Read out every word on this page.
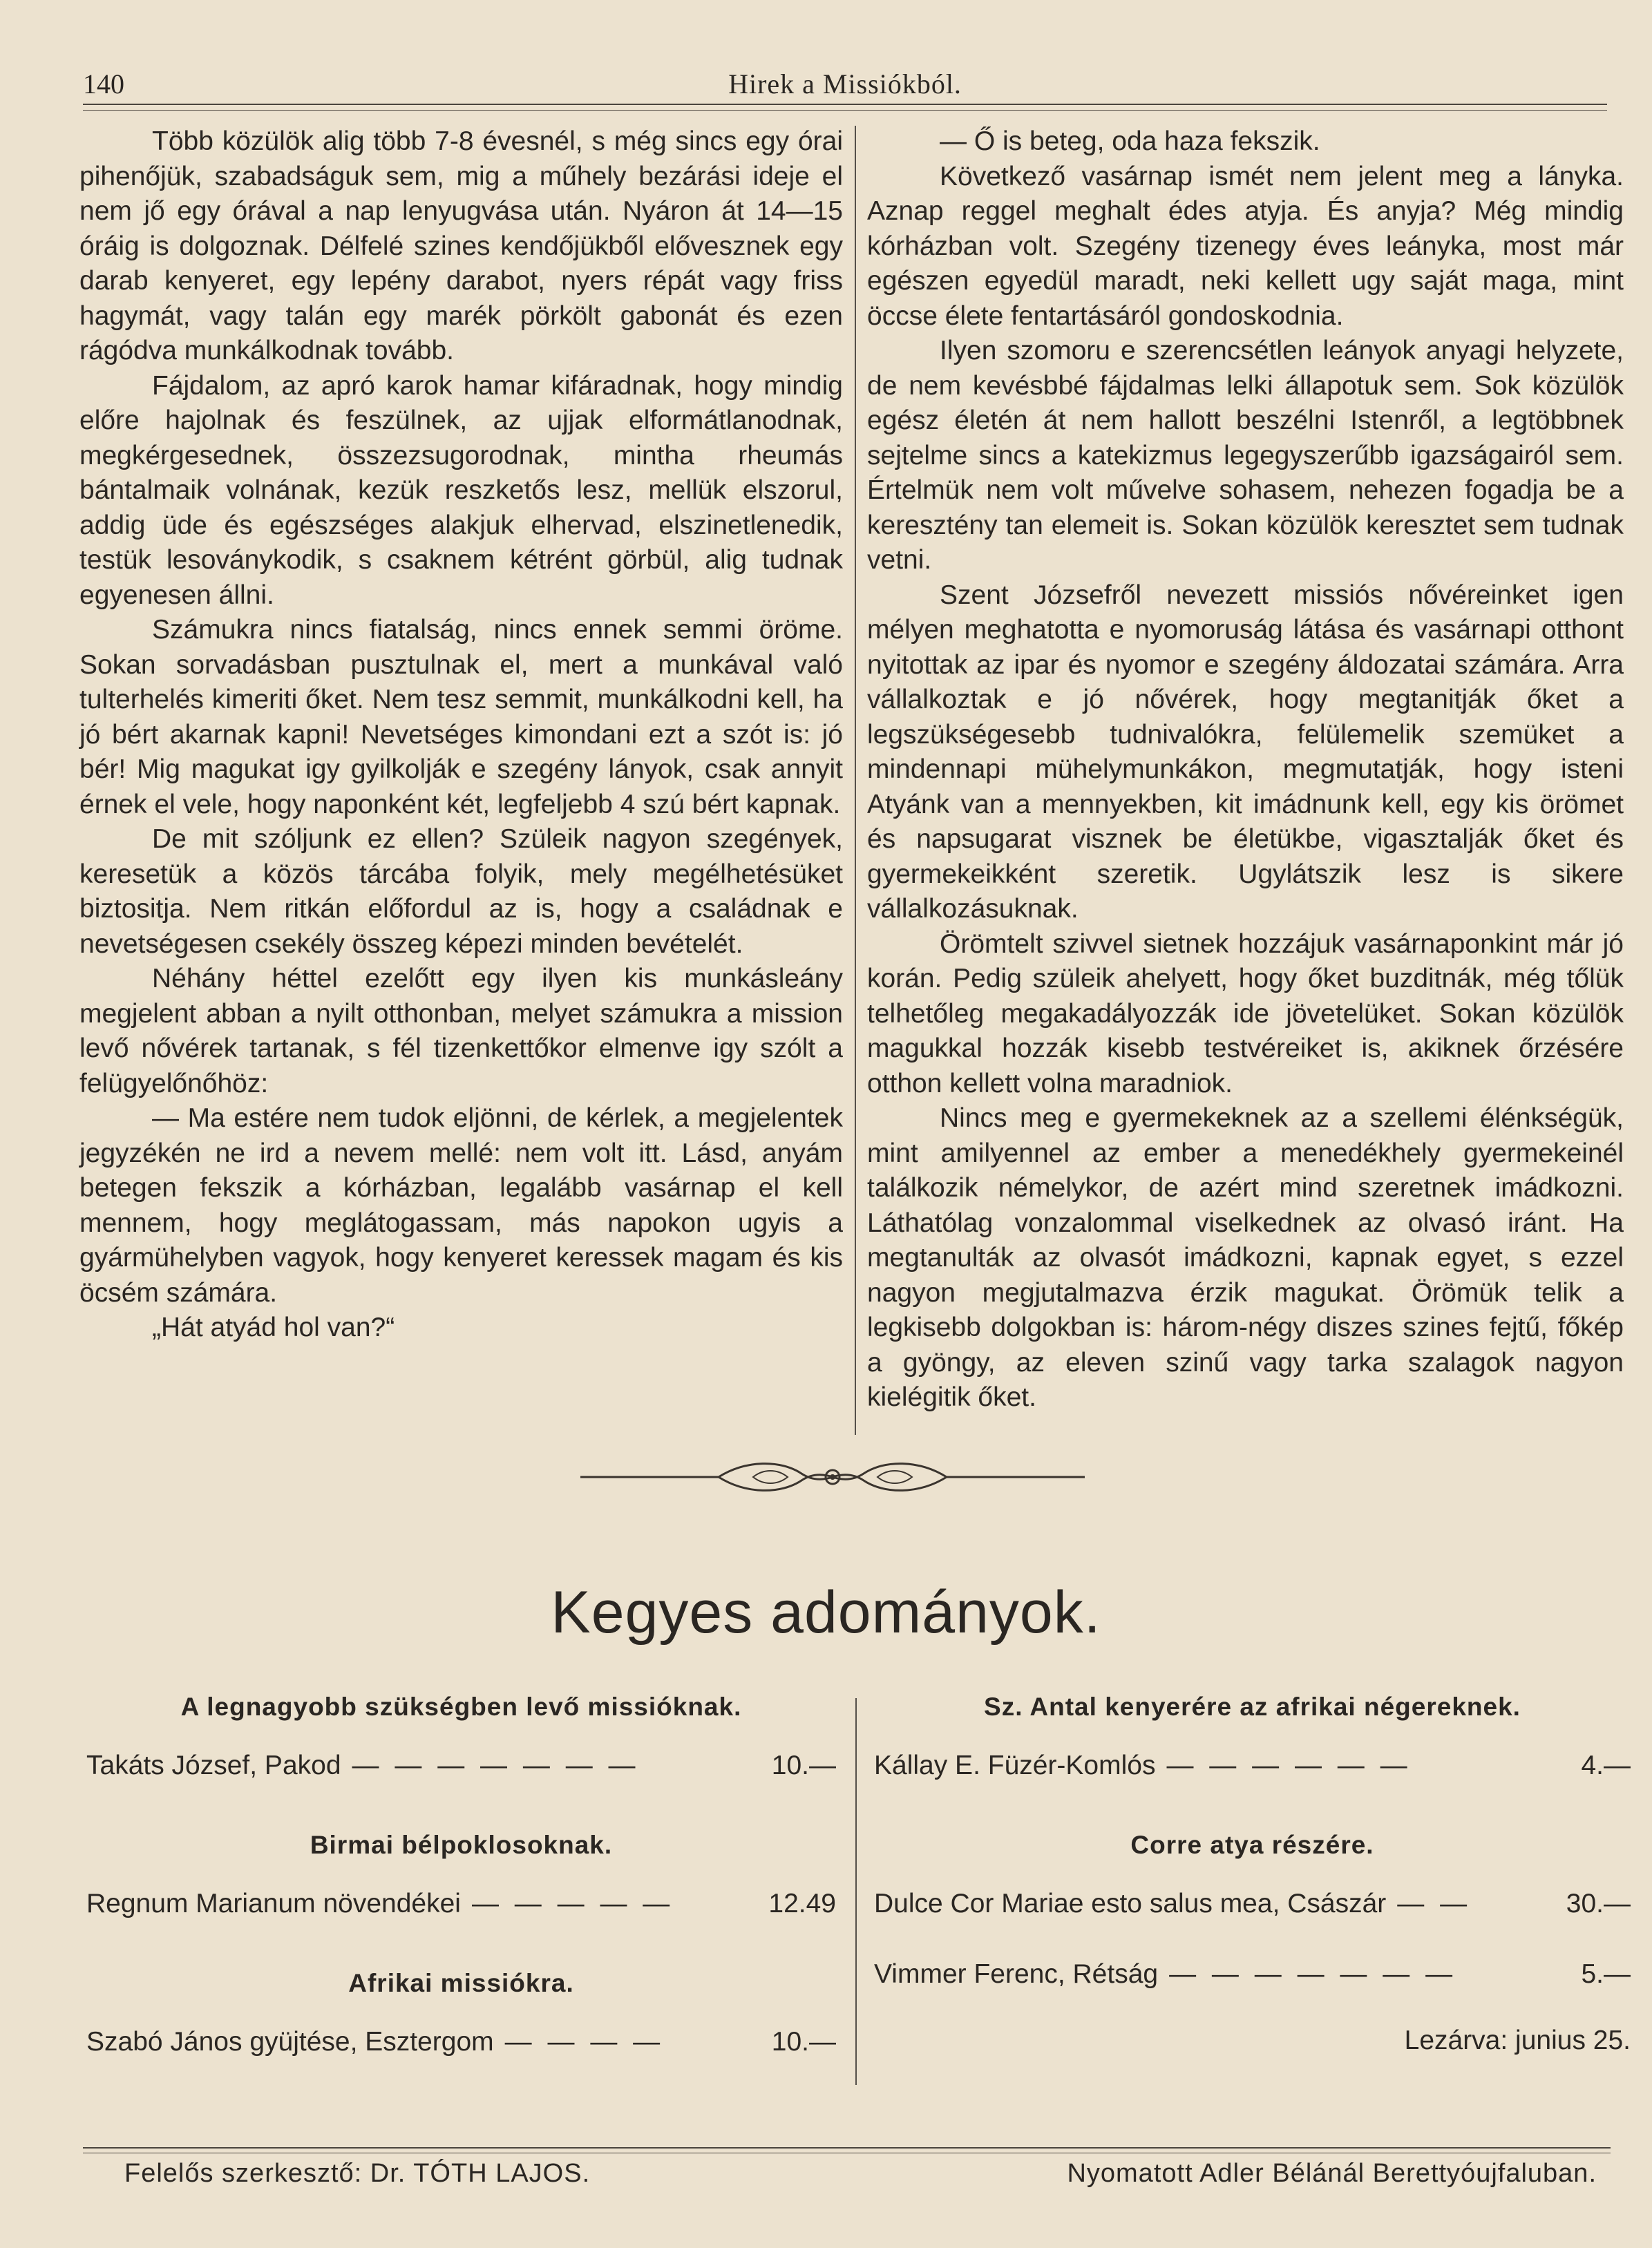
140	Hirek a Missiókból.

Több közülök alig több 7-8 évesnél, s még sincs egy órai pihenőjük, szabadságuk sem, mig a műhely bezárási ideje el nem jő egy órával a nap lenyugvása után. Nyáron át 14—15 óráig is dolgoznak. Délfelé szines kendőjükből elővesznek egy darab kenyeret, egy lepény darabot, nyers répát vagy friss hagymát, vagy talán egy marék pörkölt gabonát és ezen rágódva munkálkodnak tovább.

Fájdalom, az apró karok hamar kifáradnak, hogy mindig előre hajolnak és feszülnek, az ujjak elformátlanodnak, megkérgesednek, összezsugorodnak, mintha rheumás bántalmaik volnának, kezük reszketős lesz, mellük elszorul, addig üde és egészséges alakjuk elhervad, elszinetlenedik, testük lesoványkodik, s csaknem kétrént görbül, alig tudnak egyenesen állni.

Számukra nincs fiatalság, nincs ennek semmi öröme. Sokan sorvadásban pusztulnak el, mert a munkával való tulterhelés kimeriti őket. Nem tesz semmit, munkálkodni kell, ha jó bért akarnak kapni! Nevetséges kimondani ezt a szót is: jó bér! Mig magukat igy gyilkolják e szegény lányok, csak annyit érnek el vele, hogy naponként két, legfeljebb 4 szú bért kapnak.

De mit szóljunk ez ellen? Szüleik nagyon szegények, keresetük a közös tárcába folyik, mely megélhetésüket biztositja. Nem ritkán előfordul az is, hogy a családnak e nevetségesen csekély összeg képezi minden bevételét.

Néhány héttel ezelőtt egy ilyen kis munkásleány megjelent abban a nyilt otthonban, melyet számukra a mission levő nővérek tartanak, s fél tizenkettőkor elmenve igy szólt a felügyelőnőhöz:

— Ma estére nem tudok eljönni, de kérlek, a megjelentek jegyzékén ne ird a nevem mellé: nem volt itt. Lásd, anyám betegen fekszik a kórházban, legalább vasárnap el kell mennem, hogy meglátogassam, más napokon ugyis a gyármühelyben vagyok, hogy kenyeret keressek magam és kis öcsém számára.

„Hát atyád hol van?“

— Ő is beteg, oda haza fekszik.

Következő vasárnap ismét nem jelent meg a lányka. Aznap reggel meghalt édes atyja. És anyja? Még mindig kórházban volt. Szegény tizenegy éves leányka, most már egészen egyedül maradt, neki kellett ugy saját maga, mint öccse élete fentartásáról gondoskodnia.

Ilyen szomoru e szerencsétlen leányok anyagi helyzete, de nem kevésbbé fájdalmas lelki állapotuk sem. Sok közülök egész életén át nem hallott beszélni Istenről, a legtöbbnek sejtelme sincs a katekizmus legegyszerűbb igazságairól sem. Értelmük nem volt művelve sohasem, nehezen fogadja be a keresztény tan elemeit is. Sokan közülök keresztet sem tudnak vetni.

Szent Józsefről nevezett missiós nővéreinket igen mélyen meghatotta e nyomoruság látása és vasárnapi otthont nyitottak az ipar és nyomor e szegény áldozatai számára. Arra vállalkoztak e jó nővérek, hogy megtanitják őket a legszükségesebb tudnivalókra, felülemelik szemüket a mindennapi mühelymunkákon, megmutatják, hogy isteni Atyánk van a mennyekben, kit imádnunk kell, egy kis örömet és napsugarat visznek be életükbe, vigasztalják őket és gyermekeikként szeretik. Ugylátszik lesz is sikere vállalkozásuknak.

Örömtelt szivvel sietnek hozzájuk vasárnaponkint már jó korán. Pedig szüleik ahelyett, hogy őket buzditnák, még tőlük telhetőleg megakadályozzák ide jövetelüket. Sokan közülök magukkal hozzák kisebb testvéreiket is, akiknek őrzésére otthon kellett volna maradniok.

Nincs meg e gyermekeknek az a szellemi élénkségük, mint amilyennel az ember a menedékhely gyermekeinél találkozik némelykor, de azért mind szeretnek imádkozni. Láthatólag vonzalommal viselkednek az olvasó iránt. Ha megtanulták az olvasót imádkozni, kapnak egyet, s ezzel nagyon megjutalmazva érzik magukat. Örömük telik a legkisebb dolgokban is: három-négy diszes szines fejtű, főkép a gyöngy, az eleven szinű vagy tarka szalagok nagyon kielégitik őket.

Kegyes adományok.
A legnagyobb szükségben levő missióknak.
Takáts József, Pakod — — — — — — —	10.—
Birmai bélpoklosoknak.
Regnum Marianum növendékei — — — — —	12.49
Afrikai missiókra.
Szabó János gyüjtése, Esztergom — — — —	10.—
Sz. Antal kenyerére az afrikai négereknek.
Kállay E. Füzér-Komlós — — — — — —	4.—
Corre atya részére.
Dulce Cor Mariae esto salus mea, Császár — —	30.—
Vimmer Ferenc, Rétság — — — — — — —	5.—
Lezárva: junius 25.
Felelős szerkesztő: Dr. TÓTH LAJOS.	Nyomatott Adler Bélánál Berettyóujfaluban.
